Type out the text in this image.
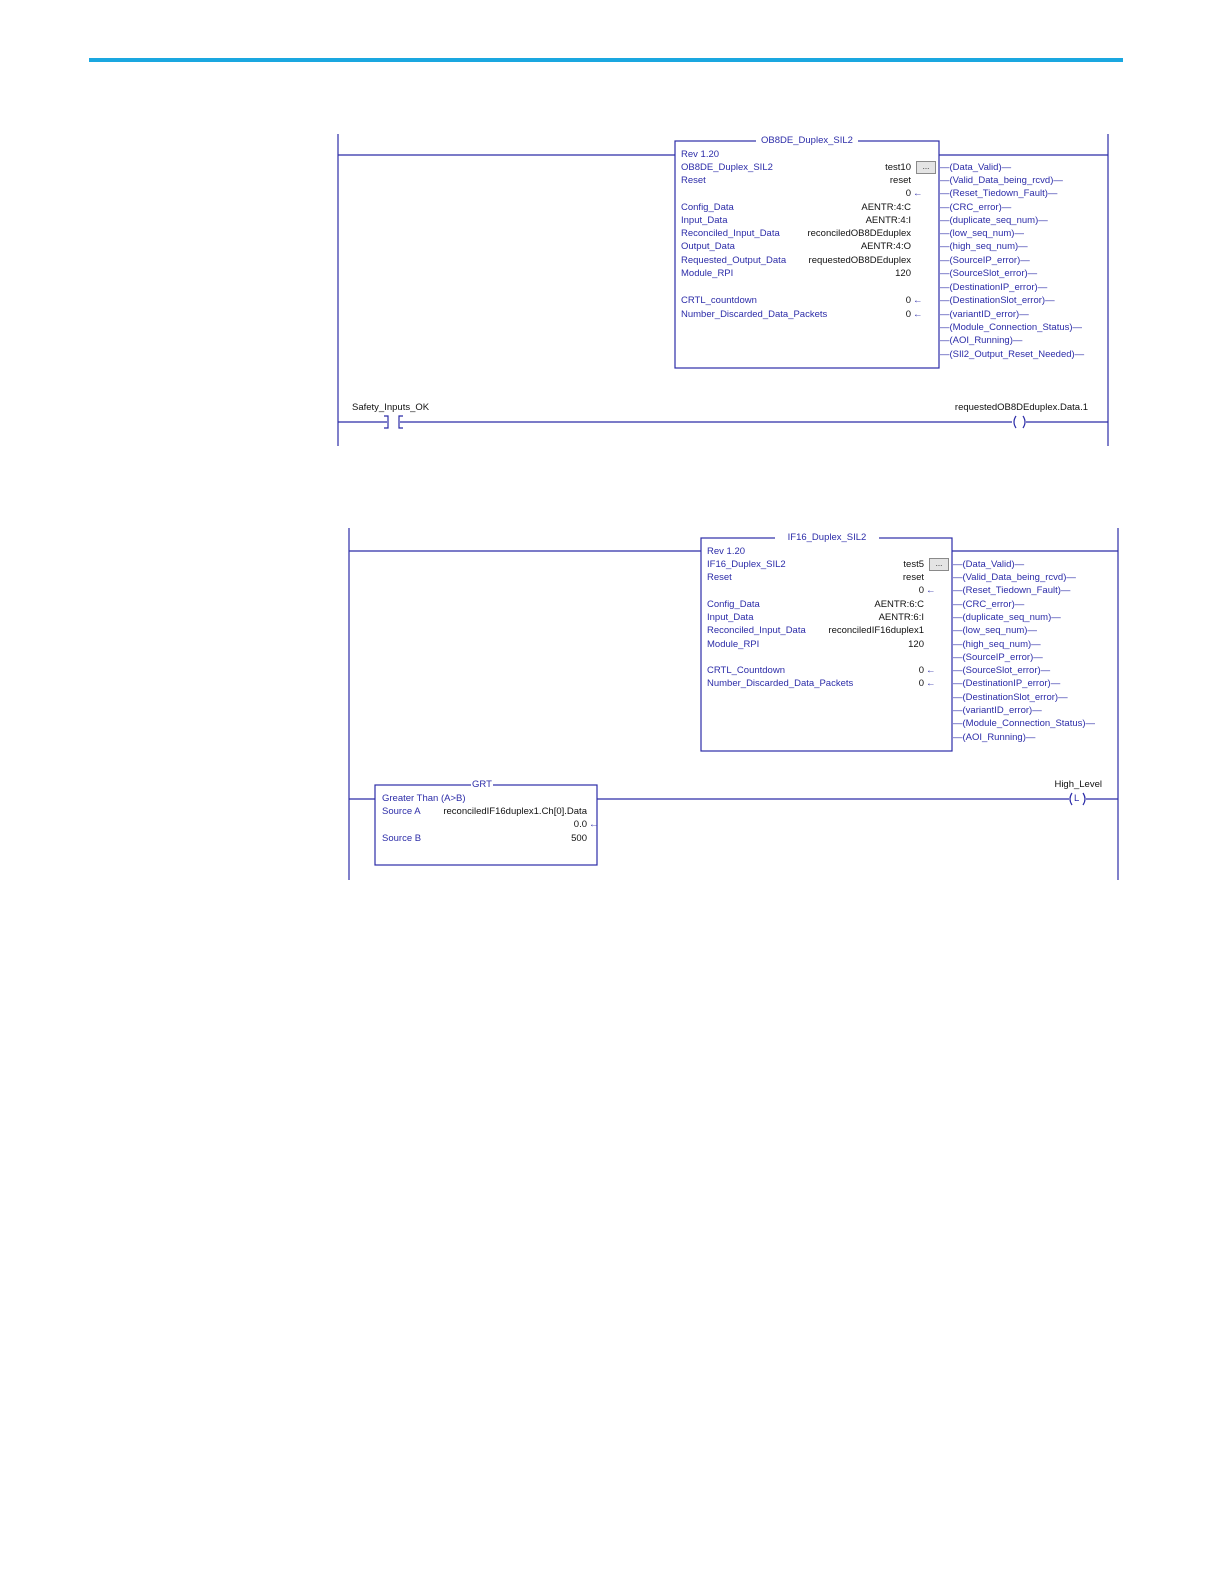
OB8DE_Duplex_SIL2
Rev 1.20
OB8DE_Duplex_SIL2	test10	...
Reset	reset
0 ←
Config_Data	AENTR:4:C
Input_Data	AENTR:4:I
Reconciled_Input_Data	reconciledOB8DEduplex
Output_Data	AENTR:4:O
Requested_Output_Data	requestedOB8DEduplex
Module_RPI	120
CRTL_countdown	0 ←
Number_Discarded_Data_Packets	0 ←
—(Data_Valid)—
—(Valid_Data_being_rcvd)—
—(Reset_Tiedown_Fault)—
—(CRC_error)—
—(duplicate_seq_num)—
—(low_seq_num)—
—(high_seq_num)—
—(SourceIP_error)—
—(SourceSlot_error)—
—(DestinationIP_error)—
—(DestinationSlot_error)—
—(variantID_error)—
—(Module_Connection_Status)—
—(AOI_Running)—
—(SIl2_Output_Reset_Needed)—
Safety_Inputs_OK	requestedOB8DEduplex.Data.1
IF16_Duplex_SIL2
Rev 1.20
IF16_Duplex_SIL2	test5	...
Reset	reset
0 ←
Config_Data	AENTR:6:C
Input_Data	AENTR:6:I
Reconciled_Input_Data	reconciledIF16duplex1
Module_RPI	120
CRTL_Countdown	0 ←
Number_Discarded_Data_Packets	0 ←
—(Data_Valid)—
—(Valid_Data_being_rcvd)—
—(Reset_Tiedown_Fault)—
—(CRC_error)—
—(duplicate_seq_num)—
—(low_seq_num)—
—(high_seq_num)—
—(SourceIP_error)—
—(SourceSlot_error)—
—(DestinationIP_error)—
—(DestinationSlot_error)—
—(variantID_error)—
—(Module_Connection_Status)—
—(AOI_Running)—
GRT
Greater Than (A>B)
Source A	reconciledIF16duplex1.Ch[0].Data
0.0 ←
Source B	500
High_Level
L
